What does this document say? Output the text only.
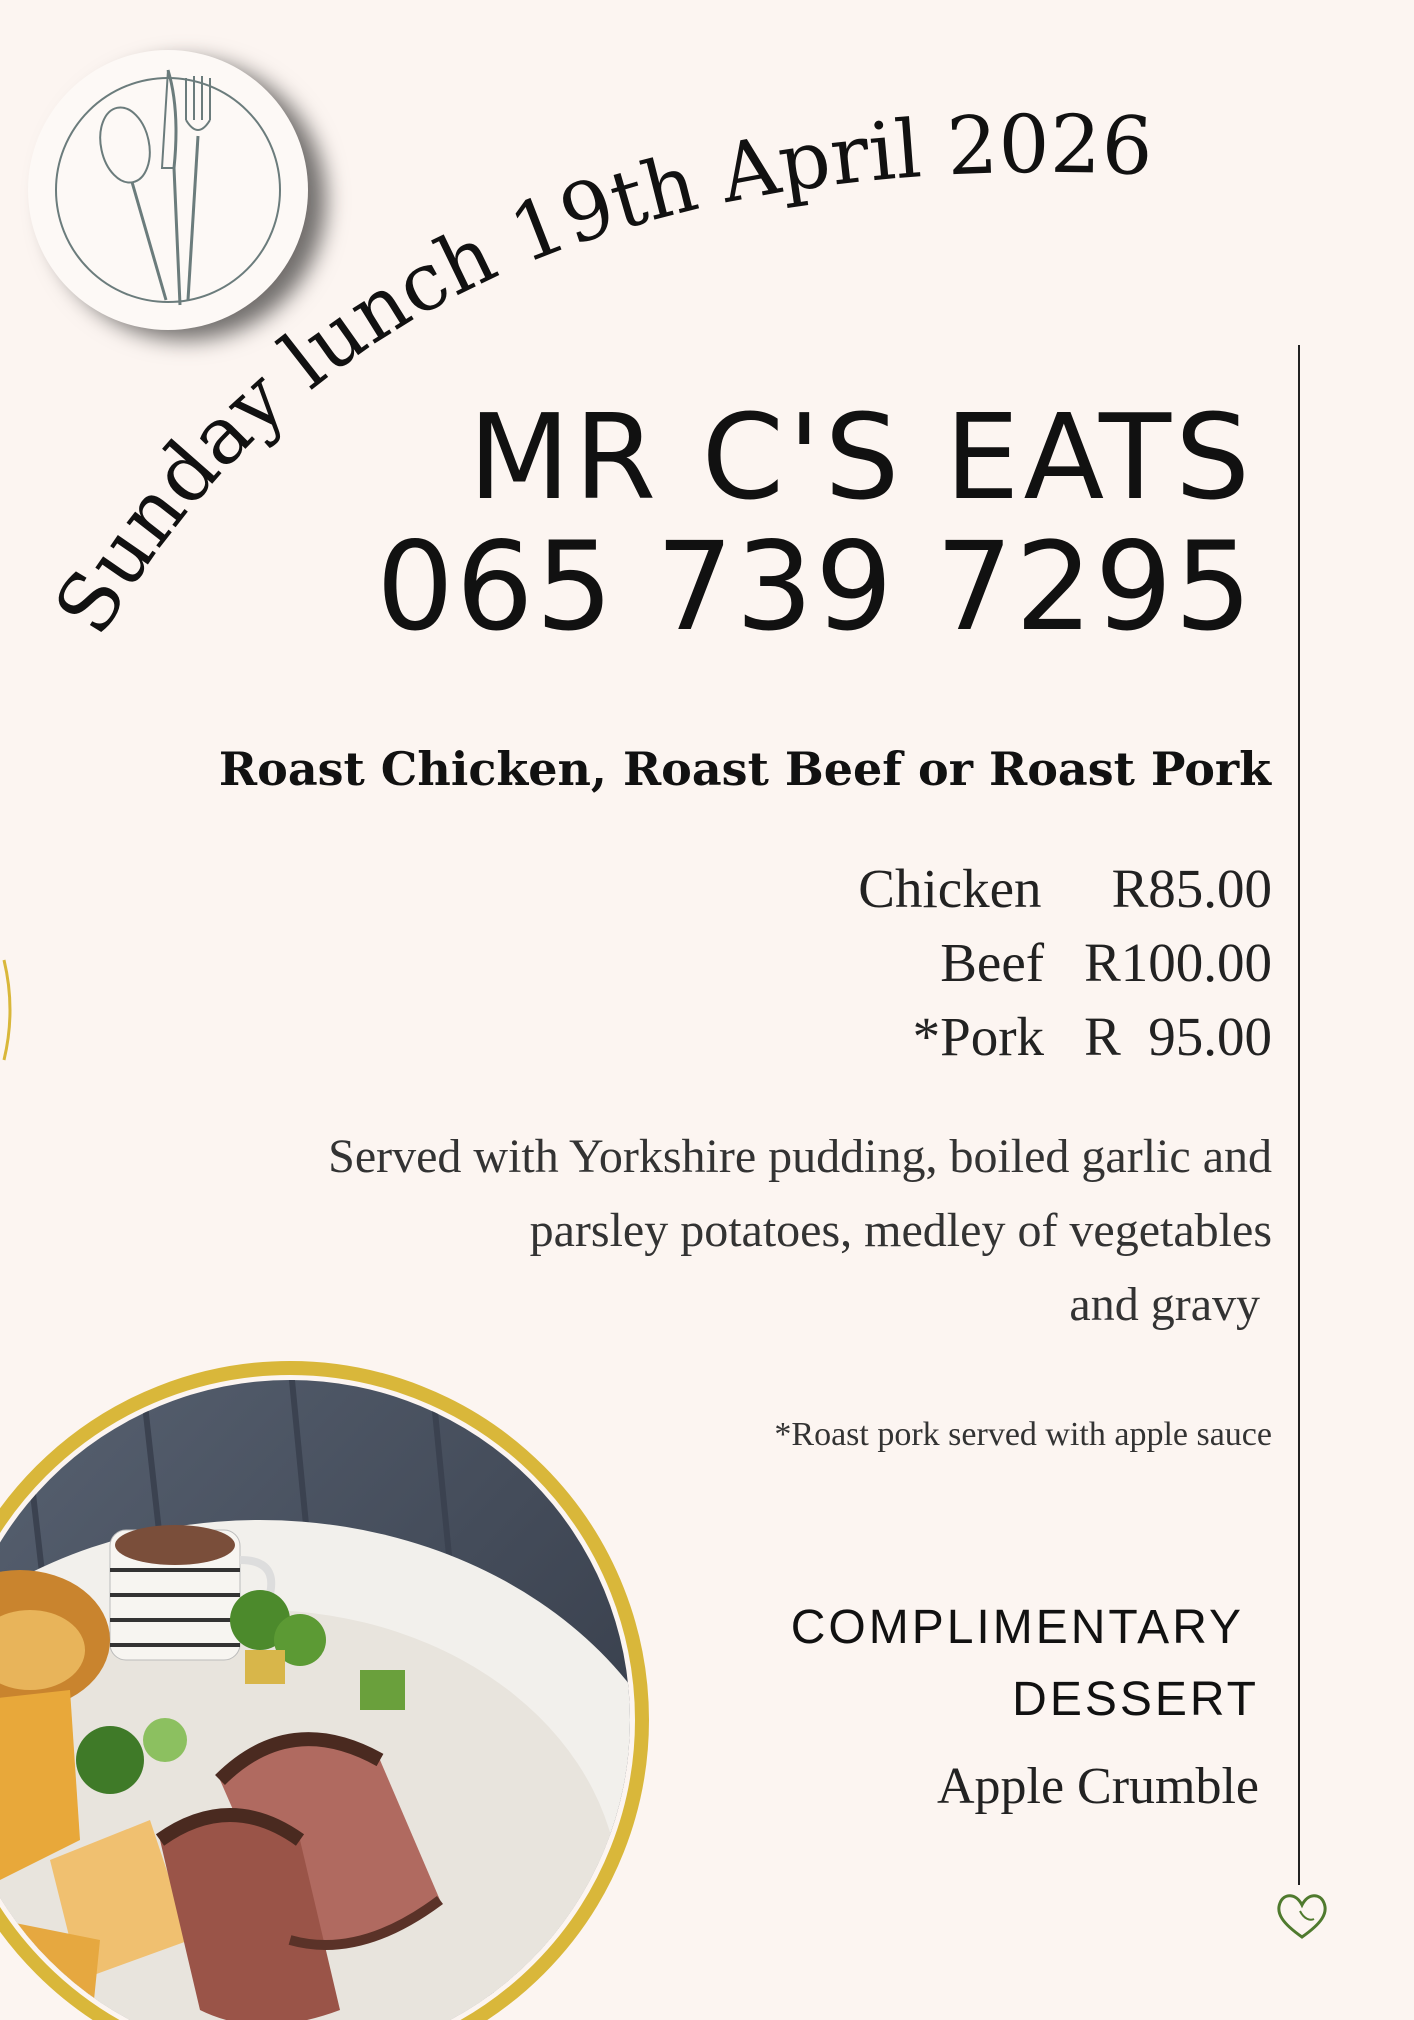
Sunday lunch 19th April 2026
MR C'S EATS
065 739 7295
Roast Chicken, Roast Beef or Roast Pork
Chicken R85.00
Beef R100.00
*Pork R  95.00
Served with Yorkshire pudding, boiled garlic and
parsley potatoes, medley of vegetables
and gravy
*Roast pork served with apple sauce
COMPLIMENTARY
DESSERT
Apple Crumble
